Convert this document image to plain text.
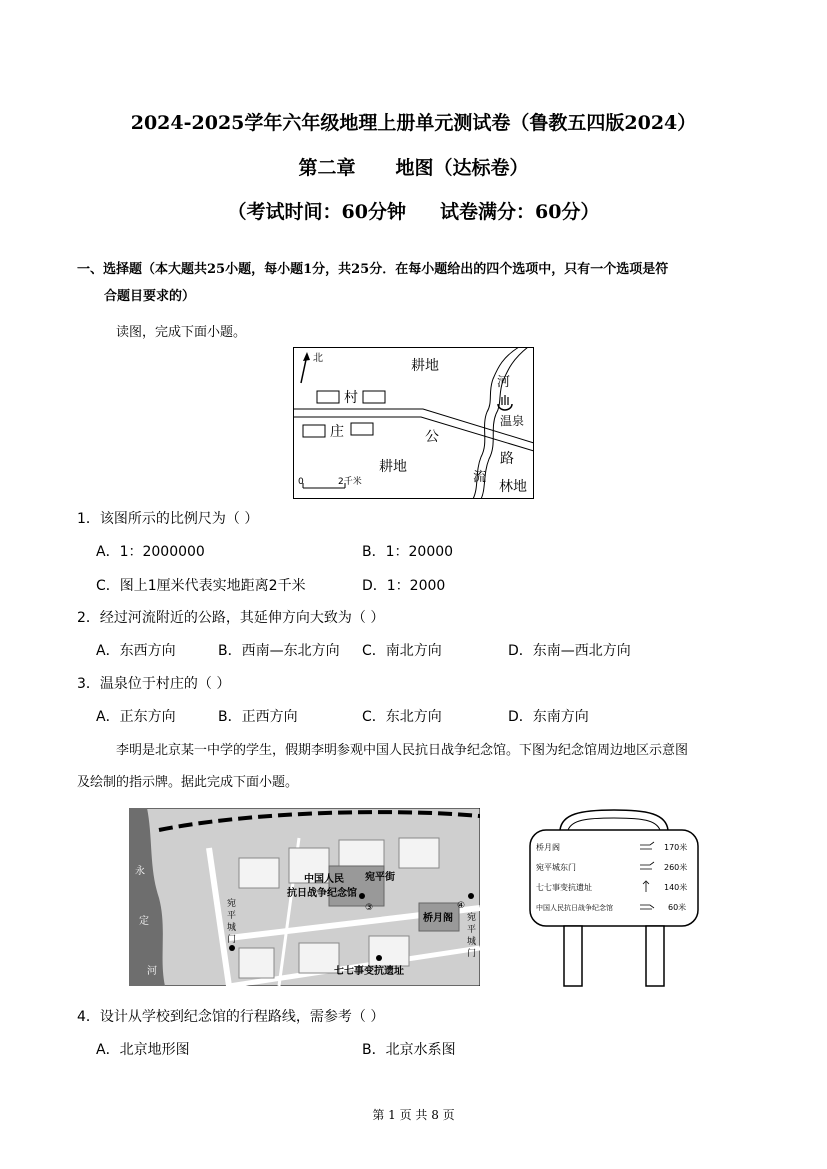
2024-2025学年六年级地理上册单元测试卷（鲁教五四版2024）
第二章 地图（达标卷）
（考试时间：60分钟 试卷满分：60分）
一、选择题（本大题共25小题，每小题1分，共25分．在每小题给出的四个选项中，只有一个选项是符
合题目要求的）
读图，完成下面小题。
北
村
庄
耕地
公
路
耕地
河
流
温泉
林地
0	2千米
1．该图所示的比例尺为（ ）
A．1：2000000	B．1：20000
C．图上1厘米代表实地距离2千米	D．1：2000
2．经过河流附近的公路，其延伸方向大致为（ ）
A．东西方向	B．西南—东北方向 C．南北方向	D．东南—西北方向
3．温泉位于村庄的（ ）
A．正东方向	B．正西方向	C．东北方向	D．东南方向
李明是北京某一中学的学生，假期李明参观中国人民抗日战争纪念馆。下图为纪念馆周边地区示意图
及绘制的指示牌。据此完成下面小题。
永
定
河
中国人民
抗日战争纪念馆
宛平街
宛
平
城
门
④
③
宛
平
城
门
桥月阁
七七事变抗遗址
桥月阁	170米
宛平城东门	260米
七七事变抗遗址	140米
中国人民抗日战争纪念馆	60米
4．设计从学校到纪念馆的行程路线，需参考（ ）
A．北京地形图	B．北京水系图
第 1 页 共 8 页
